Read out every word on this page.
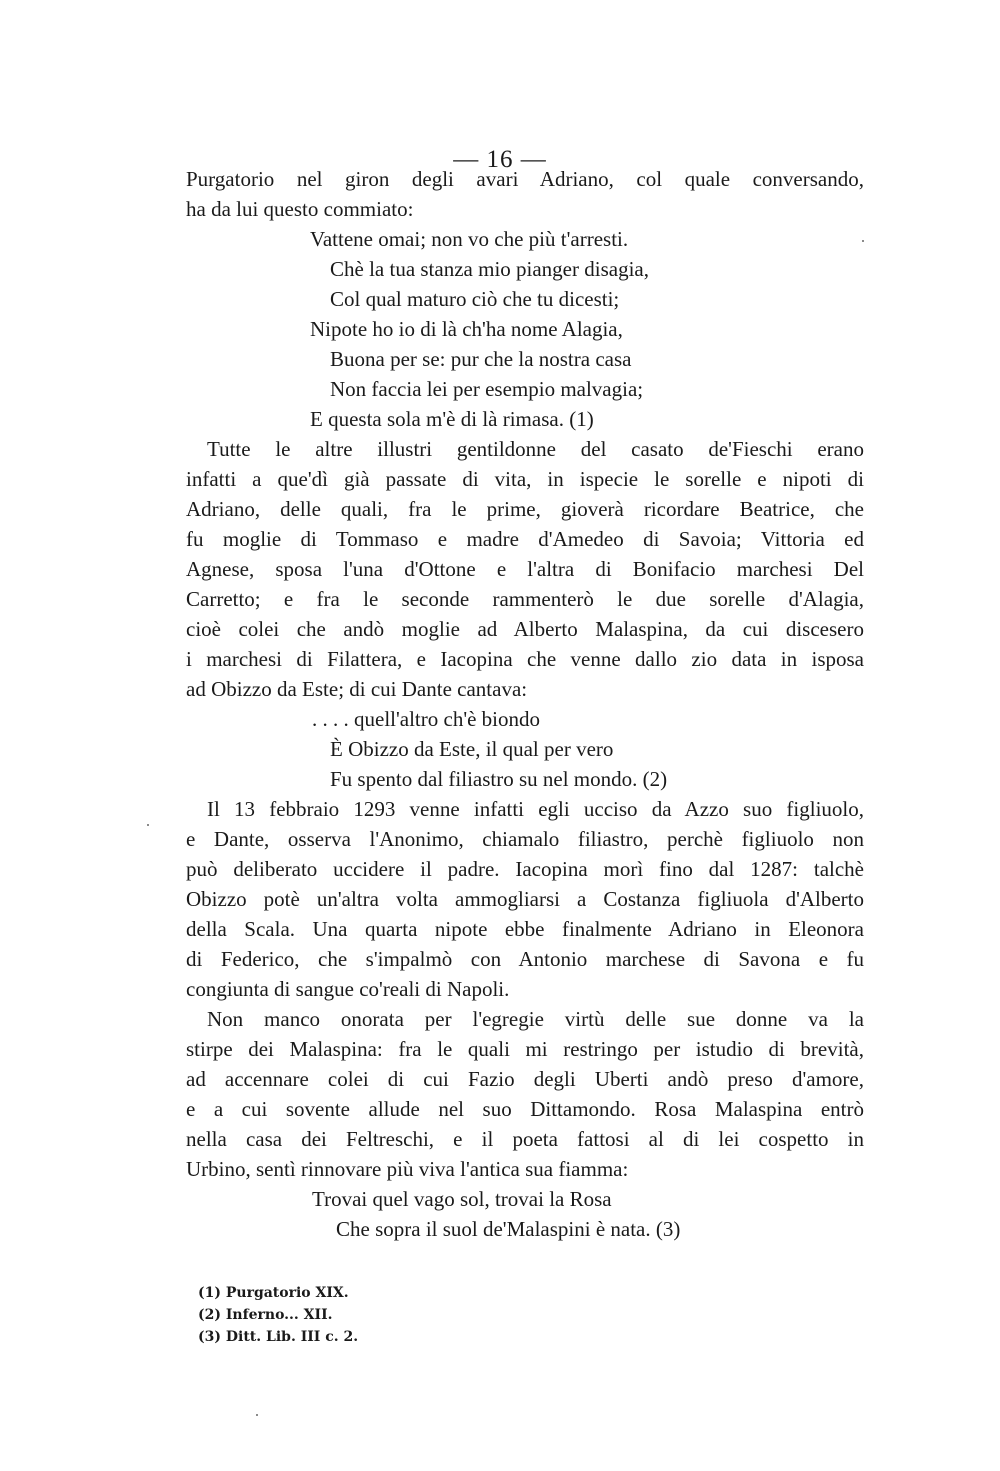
— 16 —
Purgatorio nel giron degli avari Adriano, col quale conversando,
ha da lui questo commiato:
Vattene omai; non vo che più t'arresti.
Chè la tua stanza mio pianger disagia,
Col qual maturo ciò che tu dicesti;
Nipote ho io di là ch'ha nome Alagia,
Buona per se: pur che la nostra casa
Non faccia lei per esempio malvagia;
E questa sola m'è di là rimasa. (1)
Tutte le altre illustri gentildonne del casato de'Fieschi erano
infatti a que'dì già passate di vita, in ispecie le sorelle e nipoti di
Adriano, delle quali, fra le prime, gioverà ricordare Beatrice, che
fu moglie di Tommaso e madre d'Amedeo di Savoia; Vittoria ed
Agnese, sposa l'una d'Ottone e l'altra di Bonifacio marchesi Del
Carretto; e fra le seconde rammenterò le due sorelle d'Alagia,
cioè colei che andò moglie ad Alberto Malaspina, da cui discesero
i marchesi di Filattera, e Iacopina che venne dallo zio data in isposa
ad Obizzo da Este; di cui Dante cantava:
. . . . quell'altro ch'è biondo
È Obizzo da Este, il qual per vero
Fu spento dal filiastro su nel mondo. (2)
Il 13 febbraio 1293 venne infatti egli ucciso da Azzo suo figliuolo,
e Dante, osserva l'Anonimo, chiamalo filiastro, perchè figliuolo non
può deliberato uccidere il padre. Iacopina morì fino dal 1287: talchè
Obizzo potè un'altra volta ammogliarsi a Costanza figliuola d'Alberto
della Scala. Una quarta nipote ebbe finalmente Adriano in Eleonora
di Federico, che s'impalmò con Antonio marchese di Savona e fu
congiunta di sangue co'reali di Napoli.
Non manco onorata per l'egregie virtù delle sue donne va la
stirpe dei Malaspina: fra le quali mi restringo per istudio di brevità,
ad accennare colei di cui Fazio degli Uberti andò preso d'amore,
e a cui sovente allude nel suo Dittamondo. Rosa Malaspina entrò
nella casa dei Feltreschi, e il poeta fattosi al di lei cospetto in
Urbino, sentì rinnovare più viva l'antica sua fiamma:
Trovai quel vago sol, trovai la Rosa
Che sopra il suol de'Malaspini è nata. (3)
(1) Purgatorio XIX.
(2) Inferno... XII.
(3) Ditt. Lib. III c. 2.
